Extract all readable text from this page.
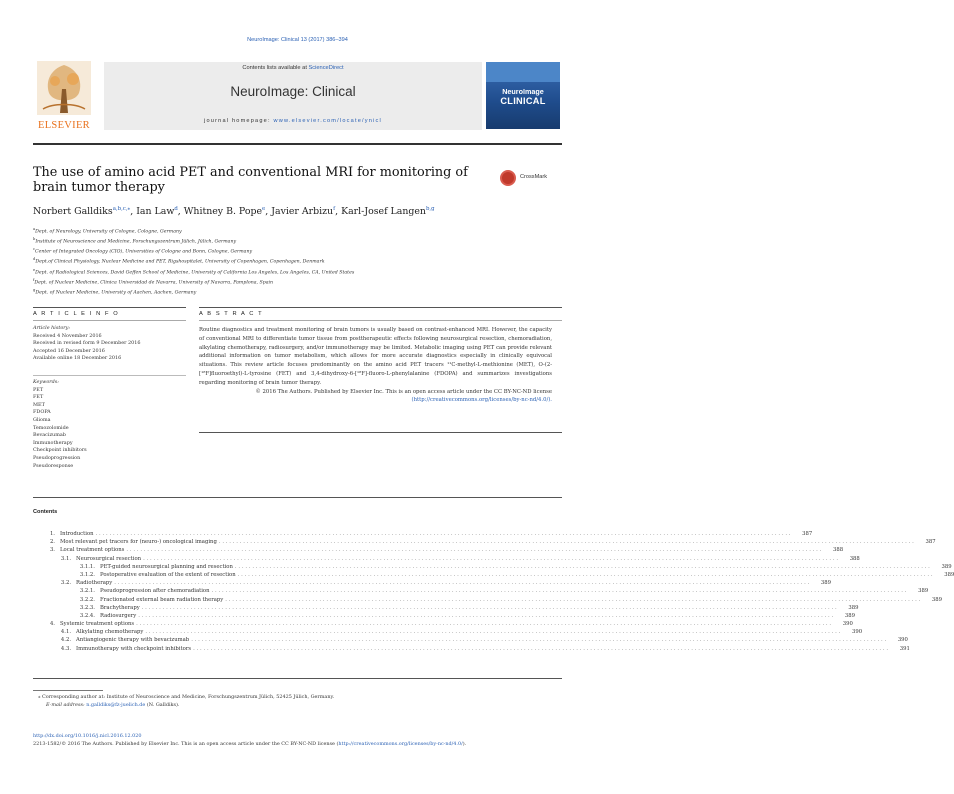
NeuroImage: Clinical 13 (2017) 386–394
ELSEVIER
Contents lists available at ScienceDirect
NeuroImage: Clinical
journal homepage: www.elsevier.com/locate/ynicl
NeuroImage
CLINICAL
The use of amino acid PET and conventional MRI for monitoring of brain tumor therapy
CrossMark
Norbert Galldiks$^{a,b,c,⁎}$, Ian Law$^d$, Whitney B. Pope$^e$, Javier Arbizu$^f$, Karl-Josef Langen$^{b,g}$
$^a$Dept. of Neurology, University of Cologne, Cologne, Germany
$^b$Institute of Neuroscience and Medicine, Forschungszentrum Jülich, Jülich, Germany
$^c$Center of Integrated Oncology (CIO), Universities of Cologne and Bonn, Cologne, Germany
$^d$Dept.of Clinical Physiology, Nuclear Medicine and PET, Rigshospitalet, University of Copenhagen, Copenhagen, Denmark
$^e$Dept. of Radiological Sciences, David Geffen School of Medicine, University of California Los Angeles, Los Angeles, CA, United States
$^f$Dept. of Nuclear Medicine, Clinica Universidad de Navarra, University of Navarra, Pamplona, Spain
$^g$Dept. of Nuclear Medicine, University of Aachen, Aachen, Germany
A R T I C L E I N F O	A B S T R A C T
Article history:
Received 4 November 2016
Received in revised form 9 December 2016
Accepted 16 December 2016
Available online 18 December 2016
Keywords:
PET
FET
MET
FDOPA
Glioma
Temozolomide
Bevacizumab
Immunotherapy
Checkpoint inhibitors
Pseudoprogression
Pseudoresponse
Routine diagnostics and treatment monitoring of brain tumors is usually based on contrast-enhanced MRI. However, the capacity of conventional MRI to differentiate tumor tissue from posttherapeutic effects following neurosurgical resection, chemoradiation, alkylating chemotherapy, radiosurgery, and/or immunotherapy may be limited. Metabolic imaging using PET can provide relevant additional information on tumor metabolism, which allows for more accurate diagnostics especially in clinically equivocal situations. This review article focuses predominantly on the amino acid PET tracers ¹¹C-methyl-L-methionine (MET), O-(2-[¹⁸F]fluoroethyl)-L-tyrosine (FET) and 3,4-dihydroxy-6-[¹⁸F]-fluoro-L-phenylalanine (FDOPA) and summarizes investigations regarding monitoring of brain tumor therapy.
© 2016 The Authors. Published by Elsevier Inc. This is an open access article under the CC BY-NC-ND license (http://creativecommons.org/licenses/by-nc-nd/4.0/).
Contents
1. Introduction ........................................................................................................................................................................................................	387
2. Most relevant pet tracers for (neuro-) oncological imaging ........................................................................................................................................................................................................	387
3. Local treatment options ........................................................................................................................................................................................................	388
3.1. Neurosurgical resection ........................................................................................................................................................................................................	388
3.1.1. PET-guided neurosurgical planning and resection ........................................................................................................................................................................................................	389
3.1.2. Postoperative evaluation of the extent of resection ........................................................................................................................................................................................................	389
3.2. Radiotherapy ........................................................................................................................................................................................................	389
3.2.1. Pseudoprogression after chemoradiation ........................................................................................................................................................................................................	389
3.2.2. Fractionated external beam radiation therapy ........................................................................................................................................................................................................	389
3.2.3. Brachytherapy ........................................................................................................................................................................................................	389
3.2.4. Radiosurgery ........................................................................................................................................................................................................	389
4. Systemic treatment options ........................................................................................................................................................................................................	390
4.1. Alkylating chemotherapy ........................................................................................................................................................................................................	390
4.2. Antiangiogenic therapy with bevacizumab ........................................................................................................................................................................................................	390
4.3. Immunotherapy with checkpoint inhibitors ........................................................................................................................................................................................................	391
⁎ Corresponding author at: Institute of Neuroscience and Medicine, Forschungszentrum Jülich, 52425 Jülich, Germany.
E-mail address: n.galldiks@fz-juelich.de (N. Galldiks).
http://dx.doi.org/10.1016/j.nicl.2016.12.020
2213-1582/© 2016 The Authors. Published by Elsevier Inc. This is an open access article under the CC BY-NC-ND license (http://creativecommons.org/licenses/by-nc-nd/4.0/).
